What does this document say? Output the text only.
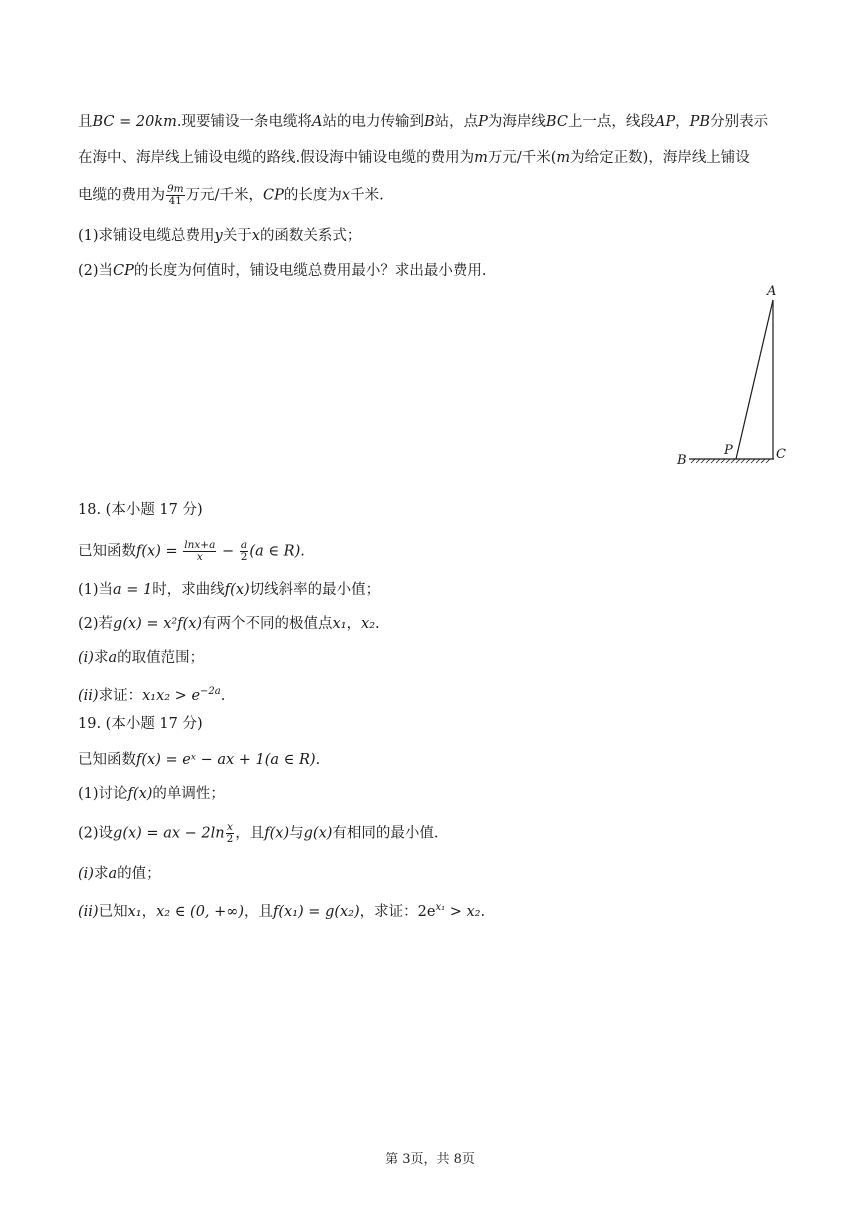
且BC = 20km.现要铺设一条电缆将A站的电力传输到B站，点P为海岸线BC上一点，线段AP，PB分别表示
在海中、海岸线上铺设电缆的路线.假设海中铺设电缆的费用为m万元/千米(m为给定正数)，海岸线上铺设
电缆的费用为 $\frac{9m}{41}$ 万元/千米，CP的长度为x千米.
(1)求铺设电缆总费用y关于x的函数关系式；
(2)当CP的长度为何值时，铺设电缆总费用最小？求出最小费用.
A
B	C
P
18. (本小题 17 分)
已知函数$f(x) = \frac{\ln x+a}{x} - \frac{a}{2} (a$ ∈ R).
(1)当a = 1时，求曲线f(x)切线斜率的最小值；
(2)若g(x) = x²f(x)有两个不同的极值点x₁，x₂.
(i)求a的取值范围；
(ii)求证：$x_1x_2 > e^{-2a}$.
19. (本小题 17 分)
已知函数f(x) = eˣ − ax + 1(a ∈ R).
(1)讨论f(x)的单调性；
(2)设g(x) = ax − $2\ln \frac{x}{2}$ ，且f(x)与g(x)有相同的最小值.
(i)求a的值；
(ii)已知x₁，x₂ ∈ (0, +∞)，且f(x₁) = g(x₂)，求证：$2e^{x_1} > x_2$.
第 3页，共 8页
